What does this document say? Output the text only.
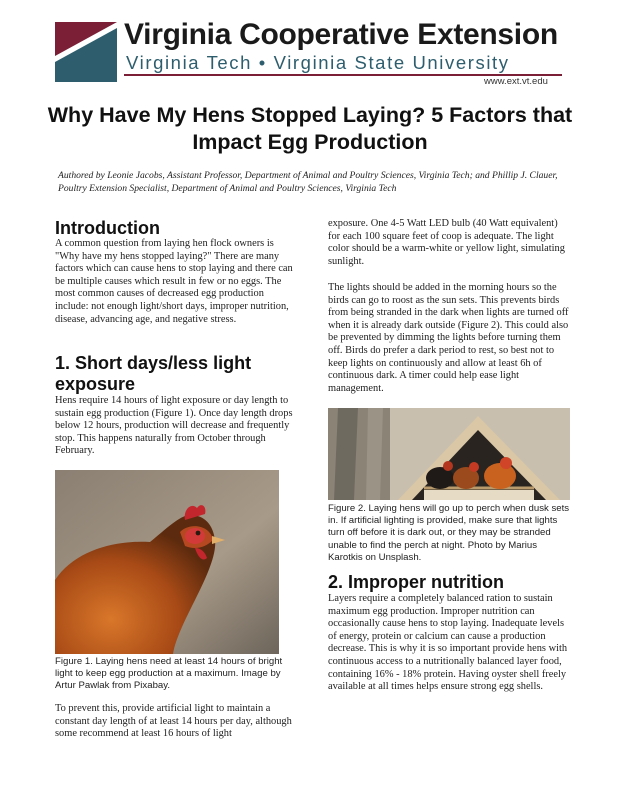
Virginia Cooperative Extension
Virginia Tech • Virginia State University
www.ext.vt.edu
Why Have My Hens Stopped Laying? 5 Factors that Impact Egg Production
Authored by Leonie Jacobs, Assistant Professor, Department of Animal and Poultry Sciences, Virginia Tech; and Phillip J. Clauer, Poultry Extension Specialist, Department of Animal and Poultry Sciences, Virginia Tech
Introduction

A common question from laying hen flock owners is "Why have my hens stopped laying?" There are many factors which can cause hens to stop laying and there can be multiple causes which result in few or no eggs. The most common causes of decreased egg production include: not enough light/short days, improper nutrition, disease, advancing age, and negative stress.

1. Short days/less light exposure

Hens require 14 hours of light exposure or day length to sustain egg production (Figure 1). Once day length drops below 12 hours, production will decrease and frequently stop. This happens naturally from October through February.

Figure 1. Laying hens need at least 14 hours of bright light to keep egg production at a maximum. Image by Artur Pawlak from Pixabay.

To prevent this, provide artificial light to maintain a constant day length of at least 14 hours per day, although some recommend at least 16 hours of light

exposure. One 4-5 Watt LED bulb (40 Watt equivalent) for each 100 square feet of coop is adequate. The light color should be a warm-white or yellow light, simulating sunlight.

The lights should be added in the morning hours so the birds can go to roost as the sun sets. This prevents birds from being stranded in the dark when lights are turned off when it is already dark outside (Figure 2). This could also be prevented by dimming the lights before turning them off. Birds do prefer a dark period to rest, so best not to keep lights on continuously and allow at least 6h of continuous dark. A timer could help ease light management.

Figure 2. Laying hens will go up to perch when dusk sets in. If artificial lighting is provided, make sure that lights turn off before it is dark out, or they may be stranded unable to find the perch at night. Photo by Marius Karotkis on Unsplash.

2. Improper nutrition

Layers require a completely balanced ration to sustain maximum egg production. Improper nutrition can occasionally cause hens to stop laying. Inadequate levels of energy, protein or calcium can cause a production decrease. This is why it is so important provide hens with continuous access to a nutritionally balanced layer food, containing 16% - 18% protein. Having oyster shell freely available at all times helps ensure strong egg shells.
